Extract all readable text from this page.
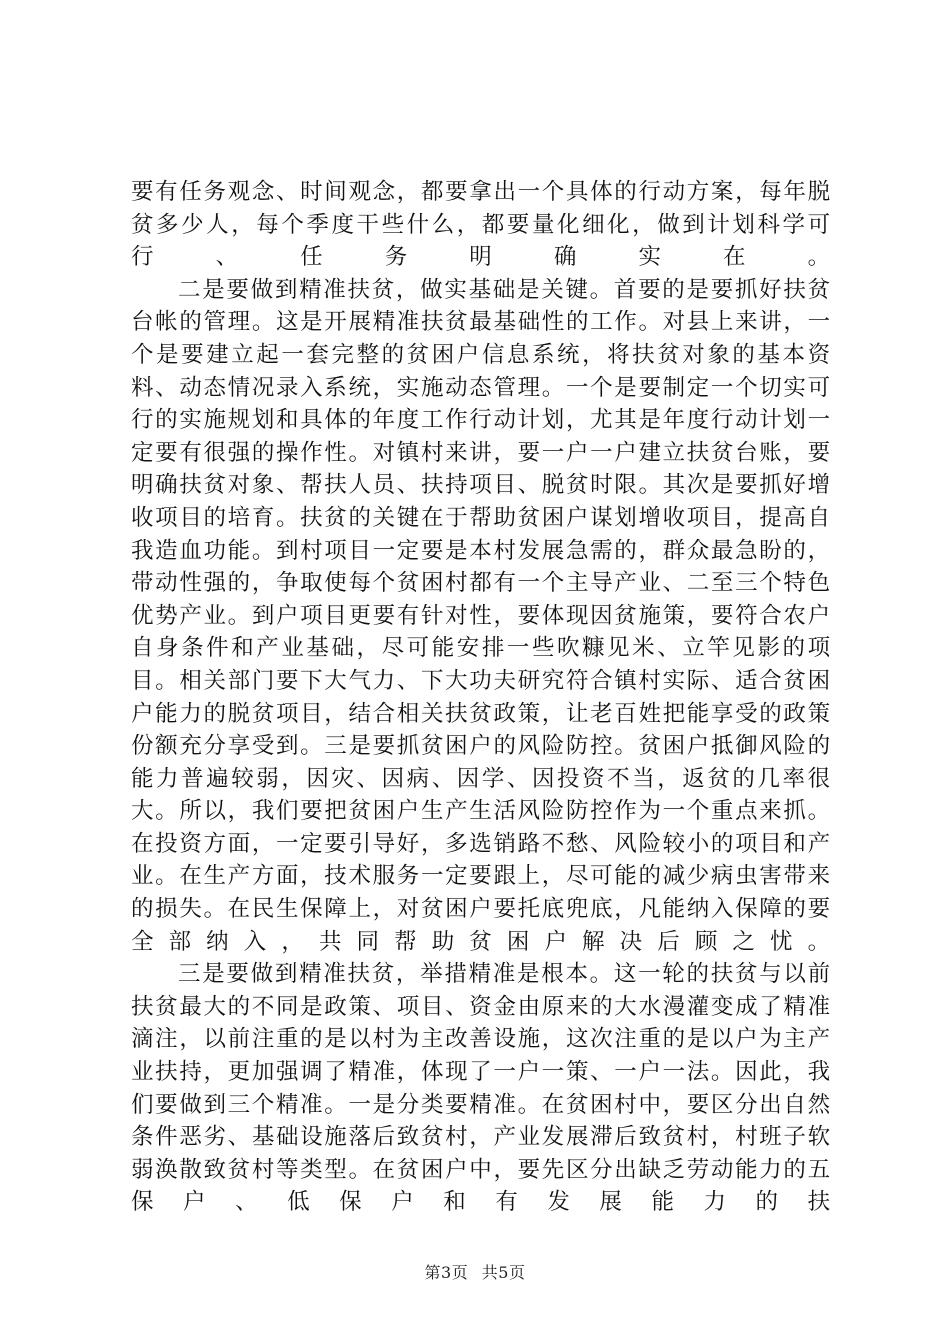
要有任务观念、时间观念，都要拿出一个具体的行动方案，每年脱贫多少人，每个季度干些什么，都要量化细化，做到计划科学可行、任务明确实在。

二是要做到精准扶贫，做实基础是关键。首要的是要抓好扶贫台帐的管理。这是开展精准扶贫最基础性的工作。对县上来讲，一个是要建立起一套完整的贫困户信息系统，将扶贫对象的基本资料、动态情况录入系统，实施动态管理。一个是要制定一个切实可行的实施规划和具体的年度工作行动计划，尤其是年度行动计划一定要有很强的操作性。对镇村来讲，要一户一户建立扶贫台账，要明确扶贫对象、帮扶人员、扶持项目、脱贫时限。其次是要抓好增收项目的培育。扶贫的关键在于帮助贫困户谋划增收项目，提高自我造血功能。到村项目一定要是本村发展急需的，群众最急盼的，带动性强的，争取使每个贫困村都有一个主导产业、二至三个特色优势产业。到户项目更要有针对性，要体现因贫施策，要符合农户自身条件和产业基础，尽可能安排一些吹糠见米、立竿见影的项目。相关部门要下大气力、下大功夫研究符合镇村实际、适合贫困户能力的脱贫项目，结合相关扶贫政策，让老百姓把能享受的政策份额充分享受到。三是要抓贫困户的风险防控。贫困户抵御风险的能力普遍较弱，因灾、因病、因学、因投资不当，返贫的几率很大。所以，我们要把贫困户生产生活风险防控作为一个重点来抓。在投资方面，一定要引导好，多选销路不愁、风险较小的项目和产业。在生产方面，技术服务一定要跟上，尽可能的减少病虫害带来的损失。在民生保障上，对贫困户要托底兜底，凡能纳入保障的要全部纳入，共同帮助贫困户解决后顾之忧。

三是要做到精准扶贫，举措精准是根本。这一轮的扶贫与以前扶贫最大的不同是政策、项目、资金由原来的大水漫灌变成了精准滴注，以前注重的是以村为主改善设施，这次注重的是以户为主产业扶持，更加强调了精准，体现了一户一策、一户一法。因此，我们要做到三个精准。一是分类要精准。在贫困村中，要区分出自然条件恶劣、基础设施落后致贫村，产业发展滞后致贫村，村班子软弱涣散致贫村等类型。在贫困户中，要先区分出缺乏劳动能力的五保户、低保户和有发展能力的扶

第3页 共5页
